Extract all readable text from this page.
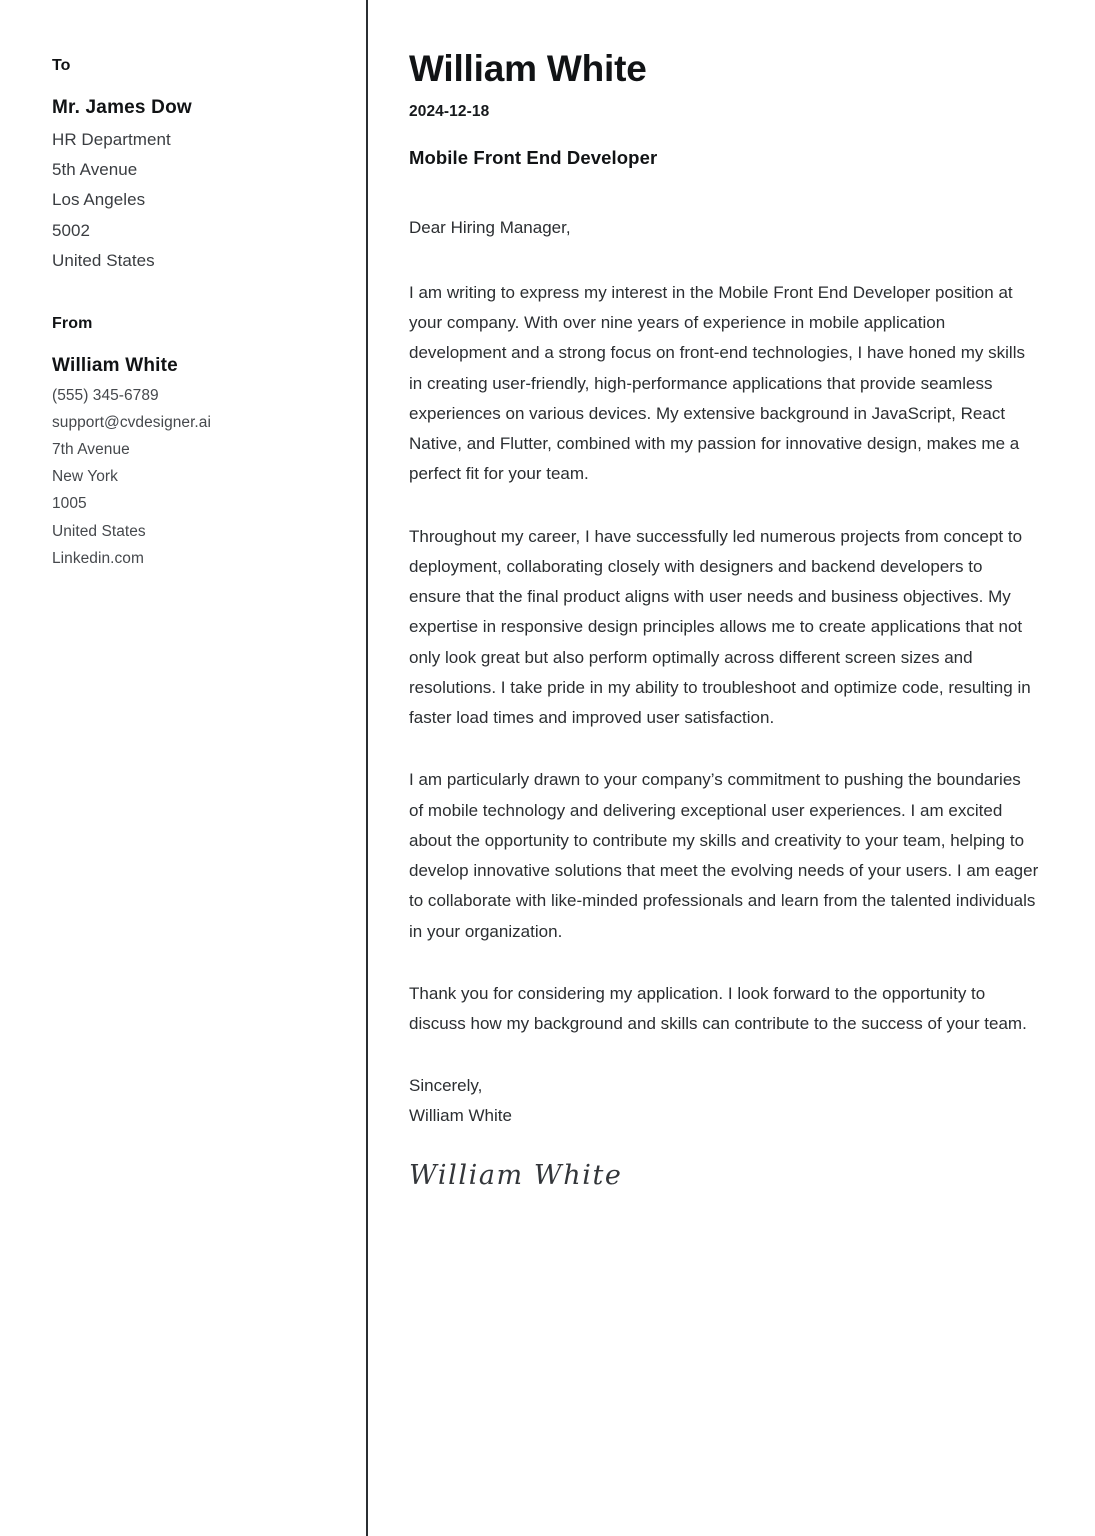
To
Mr. James Dow
HR Department
5th Avenue
Los Angeles
5002
United States
From
William White
(555) 345-6789
support@cvdesigner.ai
7th Avenue
New York
1005
United States
Linkedin.com
William White
2024-12-18
Mobile Front End Developer

Dear Hiring Manager,

I am writing to express my interest in the Mobile Front End Developer position at your company. With over nine years of experience in mobile application development and a strong focus on front-end technologies, I have honed my skills in creating user-friendly, high-performance applications that provide seamless experiences on various devices. My extensive background in JavaScript, React Native, and Flutter, combined with my passion for innovative design, makes me a perfect fit for your team.

Throughout my career, I have successfully led numerous projects from concept to deployment, collaborating closely with designers and backend developers to ensure that the final product aligns with user needs and business objectives. My expertise in responsive design principles allows me to create applications that not only look great but also perform optimally across different screen sizes and resolutions. I take pride in my ability to troubleshoot and optimize code, resulting in faster load times and improved user satisfaction.

I am particularly drawn to your company’s commitment to pushing the boundaries of mobile technology and delivering exceptional user experiences. I am excited about the opportunity to contribute my skills and creativity to your team, helping to develop innovative solutions that meet the evolving needs of your users. I am eager to collaborate with like-minded professionals and learn from the talented individuals in your organization.

Thank you for considering my application. I look forward to the opportunity to discuss how my background and skills can contribute to the success of your team.

Sincerely,
William White
William White
